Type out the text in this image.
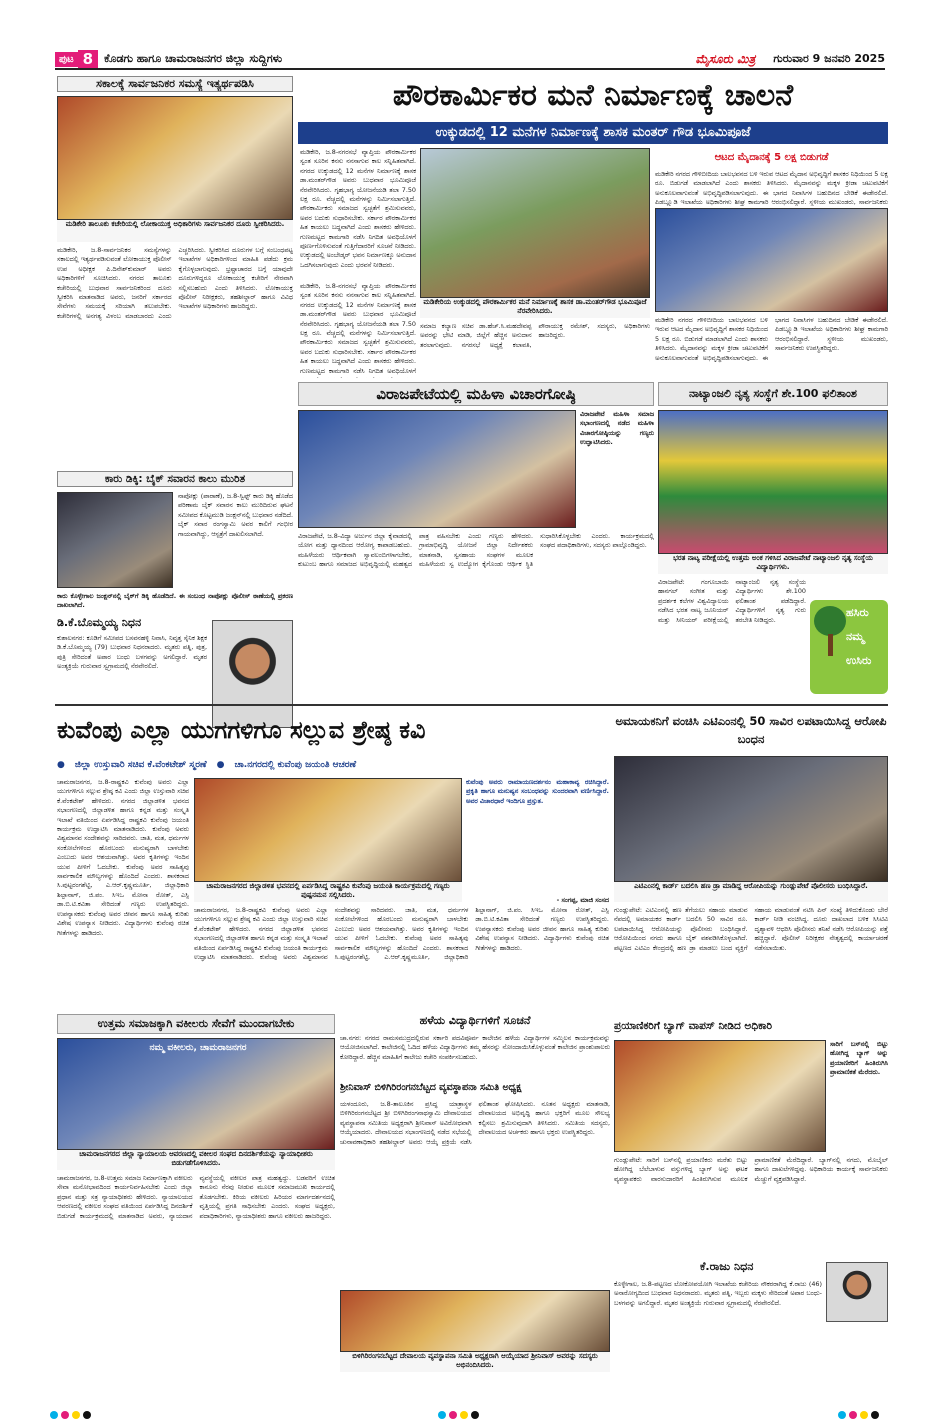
ಪುಟ 8	ಕೊಡಗು ಹಾಗೂ ಚಾಮರಾಜನಗರ ಜಿಲ್ಲಾ ಸುದ್ದಿಗಳು	ಮೈಸೂರು ಮಿತ್ರ ಗುರುವಾರ 9 ಜನವರಿ 2025
ಸಕಾಲಕ್ಕೆ ಸಾರ್ವಜನಿಕರ ಸಮಸ್ಯೆ ಇತ್ಯರ್ಥಪಡಿಸಿ
ಮಡಿಕೇರಿ ತಾಲೂಕು ಕಚೇರಿಯಲ್ಲಿ ಲೋಕಾಯುಕ್ತ ಅಧಿಕಾರಿಗಳು ಸಾರ್ವಜನಿಕರ ದೂರು ಸ್ವೀಕರಿಸಿದರು.
ಮಡಿಕೇರಿ, ಜ.8-ಸಾರ್ವಜನಿಕರ ಸಮಸ್ಯೆಗಳನ್ನು ಸಕಾಲದಲ್ಲಿ ಇತ್ಯರ್ಥಪಡಿಸುವಂತೆ ಲೋಕಾಯುಕ್ತ ಪೊಲೀಸ್ ಉಪ ಅಧೀಕ್ಷಕ ಪಿ.ದಿನೇಶ್‌ಕುಮಾರ್ ಅವರು ಅಧಿಕಾರಿಗಳಿಗೆ ಸೂಚಿಸಿದರು. ನಗರದ ತಾಲೂಕು ಕಚೇರಿಯಲ್ಲಿ ಬುಧವಾರ ಸಾರ್ವಜನಿಕರಿಂದ ದೂರು ಸ್ವೀಕರಿಸಿ ಮಾತನಾಡಿದ ಅವರು, ಜನರಿಗೆ ಸರ್ಕಾರದ ಸೇವೆಗಳು ಸಮಯಕ್ಕೆ ಸರಿಯಾಗಿ ತಲುಪಬೇಕು. ಕಚೇರಿಗಳಲ್ಲಿ ಅನಗತ್ಯ ವಿಳಂಬ ಮಾಡಬಾರದು ಎಂದು ಎಚ್ಚರಿಸಿದರು. ಸ್ವೀಕರಿಸಿದ ದೂರುಗಳ ಬಗ್ಗೆ ಸಂಬಂಧಪಟ್ಟ ಇಲಾಖೆಗಳ ಅಧಿಕಾರಿಗಳಿಂದ ಮಾಹಿತಿ ಪಡೆದು ಕ್ರಮ ಕೈಗೊಳ್ಳಲಾಗುವುದು. ಭ್ರಷ್ಟಾಚಾರದ ಬಗ್ಗೆ ಯಾವುದೇ ದೂರುಗಳಿದ್ದರೂ ಲೋಕಾಯುಕ್ತ ಕಚೇರಿಗೆ ನೇರವಾಗಿ ಸಲ್ಲಿಸಬಹುದು ಎಂದು ತಿಳಿಸಿದರು. ಲೋಕಾಯುಕ್ತ ಪೊಲೀಸ್ ನಿರೀಕ್ಷಕರು, ತಹಶೀಲ್ದಾರ್ ಹಾಗೂ ವಿವಿಧ ಇಲಾಖೆಗಳ ಅಧಿಕಾರಿಗಳು ಹಾಜರಿದ್ದರು.
ಕಾರು ಡಿಕ್ಕಿ: ಬೈಕ್ ಸವಾರನ ಕಾಲು ಮುರಿತ
ನಾಪೋಕ್ಲು (ಪಾರಾಣೆ), ಜ.8-ಸ್ವಿಫ್ಟ್ ಕಾರು ಡಿಕ್ಕಿ ಹೊಡೆದ ಪರಿಣಾಮ ಬೈಕ್ ಸವಾರನ ಕಾಲು ಮುರಿದಿರುವ ಘಟನೆ ಸಮೀಪದ ಕೊಟ್ಟಮುಡಿ ಜಂಕ್ಷನ್‌ನಲ್ಲಿ ಬುಧವಾರ ನಡೆದಿದೆ. ಬೈಕ್ ಸವಾರ ರಂಗಸ್ವಾಮಿ ಅವರ ಕಾಲಿಗೆ ಗಂಭೀರ ಗಾಯವಾಗಿದ್ದು, ಆಸ್ಪತ್ರೆಗೆ ದಾಖಲಿಸಲಾಗಿದೆ.
ಕಾರು ಕೊಳ್ಳೇಗಾಲ ಜಂಕ್ಷನ್‌ನಲ್ಲಿ ಬೈಕ್‌ಗೆ ಡಿಕ್ಕಿ ಹೊಡೆದಿದೆ. ಈ ಸಂಬಂಧ ನಾಪೋಕ್ಲು ಪೊಲೀಸ್ ಠಾಣೆಯಲ್ಲಿ ಪ್ರಕರಣ ದಾಖಲಾಗಿದೆ.
ಡಿ.ಕೆ.ಬೊಮ್ಮಯ್ಯ ನಿಧನ
ಕುಶಾಲನಗರ: ಕೂಡಿಗೆ ಸಮೀಪದ ಬಸವನಹಳ್ಳಿ ನಿವಾಸಿ, ನಿವೃತ್ತ ಸೈನಿಕ ಶಿಕ್ಷಕ ಡಿ.ಕೆ.ಬೊಮ್ಮಯ್ಯ (79) ಬುಧವಾರ ನಿಧನರಾದರು. ಮೃತರು ಪತ್ನಿ, ಪುತ್ರ, ಪುತ್ರಿ ಸೇರಿದಂತೆ ಅಪಾರ ಬಂಧು ಬಳಗವನ್ನು ಅಗಲಿದ್ದಾರೆ. ಮೃತರ ಅಂತ್ಯಕ್ರಿಯೆ ಗುರುವಾರ ಸ್ವಗ್ರಾಮದಲ್ಲಿ ನೆರವೇರಲಿದೆ.
ಪೌರಕಾರ್ಮಿಕರ ಮನೆ ನಿರ್ಮಾಣಕ್ಕೆ ಚಾಲನೆ
ಉಕ್ಕುಡದಲ್ಲಿ 12 ಮನೆಗಳ ನಿರ್ಮಾಣಕ್ಕೆ ಶಾಸಕ ಮಂತರ್ ಗೌಡ ಭೂಮಿಪೂಜೆ
ಮಡಿಕೇರಿ, ಜ.8-ನಗರಸಭೆ ವ್ಯಾಪ್ತಿಯ ಪೌರಕಾರ್ಮಿಕರ ಸ್ವಂತ ಸೂರಿನ ಕನಸು ನನಸಾಗುವ ಕಾಲ ಸನ್ನಿಹಿತವಾಗಿದೆ. ನಗರದ ಉಕ್ಕುಡದಲ್ಲಿ 12 ಮನೆಗಳ ನಿರ್ಮಾಣಕ್ಕೆ ಶಾಸಕ ಡಾ.ಮಂತರ್‌ಗೌಡ ಅವರು ಬುಧವಾರ ಭೂಮಿಪೂಜೆ ನೆರವೇರಿಸಿದರು. ಗೃಹಭಾಗ್ಯ ಯೋಜನೆಯಡಿ ತಲಾ 7.50 ಲಕ್ಷ ರೂ. ವೆಚ್ಚದಲ್ಲಿ ಮನೆಗಳನ್ನು ನಿರ್ಮಿಸಲಾಗುತ್ತಿದೆ. ಪೌರಕಾರ್ಮಿಕರು ಸಮಾಜದ ಸ್ವಚ್ಛತೆಗೆ ಶ್ರಮಿಸುವವರು, ಅವರ ಬದುಕು ಸುಧಾರಿಸಬೇಕು. ಸರ್ಕಾರ ಪೌರಕಾರ್ಮಿಕರ ಹಿತ ಕಾಯಲು ಬದ್ಧವಾಗಿದೆ ಎಂದು ಶಾಸಕರು ಹೇಳಿದರು. ಗುಣಮಟ್ಟದ ಕಾಮಗಾರಿ ನಡೆಸಿ ನಿಗದಿತ ಅವಧಿಯೊಳಗೆ ಪೂರ್ಣಗೊಳಿಸುವಂತೆ ಗುತ್ತಿಗೆದಾರರಿಗೆ ಸೂಚನೆ ನೀಡಿದರು. ಉಕ್ಕುಡದಲ್ಲಿ ಅಂಬೇಡ್ಕರ್ ಭವನ ನಿರ್ಮಾಣಕ್ಕೂ ಅನುದಾನ ಒದಗಿಸಲಾಗುವುದು ಎಂದು ಭರವಸೆ ನೀಡಿದರು.
ಮಡಿಕೇರಿಯ ಉಕ್ಕುಡದಲ್ಲಿ ಪೌರಕಾರ್ಮಿಕರ ಮನೆ ನಿರ್ಮಾಣಕ್ಕೆ ಶಾಸಕ ಡಾ.ಮಂತರ್‌ಗೌಡ ಭೂಮಿಪೂಜೆ ನೆರವೇರಿಸಿದರು.
ಮಡಿಕೇರಿ, ಜ.8-ನಗರಸಭೆ ವ್ಯಾಪ್ತಿಯ ಪೌರಕಾರ್ಮಿಕರ ಸ್ವಂತ ಸೂರಿನ ಕನಸು ನನಸಾಗುವ ಕಾಲ ಸನ್ನಿಹಿತವಾಗಿದೆ. ನಗರದ ಉಕ್ಕುಡದಲ್ಲಿ 12 ಮನೆಗಳ ನಿರ್ಮಾಣಕ್ಕೆ ಶಾಸಕ ಡಾ.ಮಂತರ್‌ಗೌಡ ಅವರು ಬುಧವಾರ ಭೂಮಿಪೂಜೆ ನೆರವೇರಿಸಿದರು. ಗೃಹಭಾಗ್ಯ ಯೋಜನೆಯಡಿ ತಲಾ 7.50 ಲಕ್ಷ ರೂ. ವೆಚ್ಚದಲ್ಲಿ ಮನೆಗಳನ್ನು ನಿರ್ಮಿಸಲಾಗುತ್ತಿದೆ. ಪೌರಕಾರ್ಮಿಕರು ಸಮಾಜದ ಸ್ವಚ್ಛತೆಗೆ ಶ್ರಮಿಸುವವರು, ಅವರ ಬದುಕು ಸುಧಾರಿಸಬೇಕು. ಸರ್ಕಾರ ಪೌರಕಾರ್ಮಿಕರ ಹಿತ ಕಾಯಲು ಬದ್ಧವಾಗಿದೆ ಎಂದು ಶಾಸಕರು ಹೇಳಿದರು. ಗುಣಮಟ್ಟದ ಕಾಮಗಾರಿ ನಡೆಸಿ ನಿಗದಿತ ಅವಧಿಯೊಳಗೆ
ಸಮಾಜ ಕಲ್ಯಾಣ ಸಚಿವ ಡಾ.ಹೆಚ್.ಸಿ.ಮಹದೇವಪ್ಪ ಅವರನ್ನು ಭೇಟಿ ಮಾಡಿ, ಜಿಲ್ಲೆಗೆ ಹೆಚ್ಚಿನ ಅನುದಾನ ತರಲಾಗುವುದು. ನಗರಸಭೆ ಅಧ್ಯಕ್ಷೆ ಕಲಾವತಿ, ಪೌರಾಯುಕ್ತ ರಮೇಶ್, ಸದಸ್ಯರು, ಅಧಿಕಾರಿಗಳು ಹಾಜರಿದ್ದರು.
ಆಟದ ಮೈದಾನಕ್ಕೆ 5 ಲಕ್ಷ ಬಿಡುಗಡೆ
ಮಡಿಕೇರಿ ನಗರದ ಗೌಳಿಬೀದಿಯ ಬಾಲಭವನದ ಬಳಿ ಇರುವ ಆಟದ ಮೈದಾನ ಅಭಿವೃದ್ಧಿಗೆ ಶಾಸಕರ ನಿಧಿಯಿಂದ 5 ಲಕ್ಷ ರೂ. ಬಿಡುಗಡೆ ಮಾಡಲಾಗಿದೆ ಎಂದು ಶಾಸಕರು ತಿಳಿಸಿದರು. ಮೈದಾನವನ್ನು ಮಕ್ಕಳ ಕ್ರೀಡಾ ಚಟುವಟಿಕೆಗೆ ಅನುಕೂಲವಾಗುವಂತೆ ಅಭಿವೃದ್ಧಿಪಡಿಸಲಾಗುವುದು. ಈ ಭಾಗದ ನಿವಾಸಿಗಳ ಬಹುದಿನದ ಬೇಡಿಕೆ ಈಡೇರಲಿದೆ. ಪಿಡಬ್ಲ್ಯೂಡಿ ಇಲಾಖೆಯ ಅಧಿಕಾರಿಗಳು ಶೀಘ್ರ ಕಾಮಗಾರಿ ಆರಂಭಿಸಲಿದ್ದಾರೆ. ಸ್ಥಳೀಯ ಮುಖಂಡರು, ಸಾರ್ವಜನಿಕರು
ಮಡಿಕೇರಿ ನಗರದ ಗೌಳಿಬೀದಿಯ ಬಾಲಭವನದ ಬಳಿ ಇರುವ ಆಟದ ಮೈದಾನ ಅಭಿವೃದ್ಧಿಗೆ ಶಾಸಕರ ನಿಧಿಯಿಂದ 5 ಲಕ್ಷ ರೂ. ಬಿಡುಗಡೆ ಮಾಡಲಾಗಿದೆ ಎಂದು ಶಾಸಕರು ತಿಳಿಸಿದರು. ಮೈದಾನವನ್ನು ಮಕ್ಕಳ ಕ್ರೀಡಾ ಚಟುವಟಿಕೆಗೆ ಅನುಕೂಲವಾಗುವಂತೆ ಅಭಿವೃದ್ಧಿಪಡಿಸಲಾಗುವುದು. ಈ ಭಾಗದ ನಿವಾಸಿಗಳ ಬಹುದಿನದ ಬೇಡಿಕೆ ಈಡೇರಲಿದೆ. ಪಿಡಬ್ಲ್ಯೂಡಿ ಇಲಾಖೆಯ ಅಧಿಕಾರಿಗಳು ಶೀಘ್ರ ಕಾಮಗಾರಿ ಆರಂಭಿಸಲಿದ್ದಾರೆ. ಸ್ಥಳೀಯ ಮುಖಂಡರು, ಸಾರ್ವಜನಿಕರು ಉಪಸ್ಥಿತರಿದ್ದರು.
ವಿರಾಜಪೇಟೆಯಲ್ಲಿ ಮಹಿಳಾ ವಿಚಾರಗೋಷ್ಠಿ
ವಿರಾಜಪೇಟೆ ಮಹಿಳಾ ಸಮಾಜ ಸಭಾಂಗಣದಲ್ಲಿ ನಡೆದ ಮಹಿಳಾ ವಿಚಾರಗೋಷ್ಠಿಯನ್ನು ಗಣ್ಯರು ಉದ್ಘಾಟಿಸಿದರು.
ವಿರಾಜಪೇಟೆ, ಜ.8-ವಿದ್ಯಾ ಅರ್ಜುನ ಜಿಲ್ಲಾ ಕೈವಾಡದಲ್ಲಿ ಯೋಗ ಮತ್ತು ಧ್ಯಾನದಿಂದ ಆರೋಗ್ಯ ಕಾಪಾಡಬಹುದು. ಮಹಿಳೆಯರು ಆರ್ಥಿಕವಾಗಿ ಸ್ವಾವಲಂಬಿಗಳಾಗಬೇಕು, ಕುಟುಂಬ ಹಾಗೂ ಸಮಾಜದ ಅಭಿವೃದ್ಧಿಯಲ್ಲಿ ಮಹತ್ವದ ಪಾತ್ರ ವಹಿಸಬೇಕು ಎಂದು ಗಣ್ಯರು ಹೇಳಿದರು. ಗ್ರಾಮಾಭಿವೃದ್ಧಿ ಯೋಜನೆ ಜಿಲ್ಲಾ ನಿರ್ದೇಶಕರು ಮಾತನಾಡಿ, ಸ್ವಸಹಾಯ ಸಂಘಗಳ ಮೂಲಕ ಮಹಿಳೆಯರು ಸ್ವ ಉದ್ಯೋಗ ಕೈಗೊಂಡು ಆರ್ಥಿಕ ಸ್ಥಿತಿ ಸುಧಾರಿಸಿಕೊಳ್ಳಬೇಕು ಎಂದರು. ಕಾರ್ಯಕ್ರಮದಲ್ಲಿ ಸಂಘದ ಪದಾಧಿಕಾರಿಗಳು, ಸದಸ್ಯರು ಪಾಲ್ಗೊಂಡಿದ್ದರು.
ನಾಟ್ಯಾಂಜಲಿ ನೃತ್ಯ ಸಂಸ್ಥೆಗೆ ಶೇ.100 ಫಲಿತಾಂಶ
ಭರತ ನಾಟ್ಯ ಪರೀಕ್ಷೆಯಲ್ಲಿ ಉತ್ತಮ ಅಂಕ ಗಳಿಸಿದ ವಿರಾಜಪೇಟೆ ನಾಟ್ಯಾಂಜಲಿ ನೃತ್ಯ ಸಂಸ್ಥೆಯ ವಿದ್ಯಾರ್ಥಿಗಳು.
ವಿರಾಜಪೇಟೆ: ಗಂಗೂಬಾಯಿ ಹಾನಗಲ್ ಸಂಗೀತ ಮತ್ತು ಪ್ರದರ್ಶಕ ಕಲೆಗಳ ವಿಶ್ವವಿದ್ಯಾಲಯ ನಡೆಸಿದ ಭರತ ನಾಟ್ಯ ಜೂನಿಯರ್ ಮತ್ತು ಸೀನಿಯರ್ ಪರೀಕ್ಷೆಯಲ್ಲಿ ನಾಟ್ಯಾಂಜಲಿ ನೃತ್ಯ ಸಂಸ್ಥೆಯ ವಿದ್ಯಾರ್ಥಿಗಳು ಶೇ.100 ಫಲಿತಾಂಶ ಪಡೆದಿದ್ದಾರೆ. ವಿದ್ಯಾರ್ಥಿಗಳಿಗೆ ನೃತ್ಯ ಗುರು ತರಬೇತಿ ನೀಡಿದ್ದರು.
ಹಸಿರು
ನಮ್ಮ
ಉಸಿರು
ಕುವೆಂಪು ಎಲ್ಲಾ ಯುಗಗಳಿಗೂ ಸಲ್ಲುವ ಶ್ರೇಷ್ಠ ಕವಿ
● ಜಿಲ್ಲಾ ಉಸ್ತುವಾರಿ ಸಚಿವ ಕೆ.ವೆಂಕಟೇಶ್ ಸ್ಮರಣೆ ● ಚಾ.ನಗರದಲ್ಲಿ ಕುವೆಂಪು ಜಯಂತಿ ಆಚರಣೆ
ಚಾಮರಾಜನಗರ, ಜ.8-ರಾಷ್ಟ್ರಕವಿ ಕುವೆಂಪು ಅವರು ಎಲ್ಲಾ ಯುಗಗಳಿಗೂ ಸಲ್ಲುವ ಶ್ರೇಷ್ಠ ಕವಿ ಎಂದು ಜಿಲ್ಲಾ ಉಸ್ತುವಾರಿ ಸಚಿವ ಕೆ.ವೆಂಕಟೇಶ್ ಹೇಳಿದರು. ನಗರದ ಜಿಲ್ಲಾಡಳಿತ ಭವನದ ಸಭಾಂಗಣದಲ್ಲಿ ಜಿಲ್ಲಾಡಳಿತ ಹಾಗೂ ಕನ್ನಡ ಮತ್ತು ಸಂಸ್ಕೃತಿ ಇಲಾಖೆ ವತಿಯಿಂದ ಏರ್ಪಡಿಸಿದ್ದ ರಾಷ್ಟ್ರಕವಿ ಕುವೆಂಪು ಜಯಂತಿ ಕಾರ್ಯಕ್ರಮ ಉದ್ಘಾಟಿಸಿ ಮಾತನಾಡಿದರು. ಕುವೆಂಪು ಅವರು ವಿಶ್ವಮಾನವ ಸಂದೇಶವನ್ನು ಸಾರಿದವರು. ಜಾತಿ, ಮತ, ಧರ್ಮಗಳ ಸಂಕೋಲೆಗಳಿಂದ ಹೊರಬಂದು ಮನುಷ್ಯರಾಗಿ ಬಾಳಬೇಕು ಎಂಬುದು ಅವರ ಆಶಯವಾಗಿತ್ತು. ಅವರ ಕೃತಿಗಳನ್ನು ಇಂದಿನ ಯುವ ಪೀಳಿಗೆ ಓದಬೇಕು. ಕುವೆಂಪು ಅವರ ಸಾಹಿತ್ಯವು ಸಾರ್ವಕಾಲಿಕ ಮೌಲ್ಯಗಳನ್ನು ಹೊಂದಿದೆ ಎಂದರು. ಶಾಸಕರಾದ ಸಿ.ಪುಟ್ಟರಂಗಶೆಟ್ಟಿ, ಎ.ಆರ್.ಕೃಷ್ಣಮೂರ್ತಿ, ಜಿಲ್ಲಾಧಿಕಾರಿ ಶಿಲ್ಪಾನಾಗ್, ಜಿ.ಪಂ. ಸಿಇಒ ಮೋನಾ ರೋತ್, ಎಸ್ಪಿ ಡಾ.ಬಿ.ಟಿ.ಕವಿತಾ ಸೇರಿದಂತೆ ಗಣ್ಯರು ಉಪಸ್ಥಿತರಿದ್ದರು. ಉಪನ್ಯಾಸಕರು ಕುವೆಂಪು ಅವರ ಜೀವನ ಹಾಗೂ ಸಾಹಿತ್ಯ ಕುರಿತು ವಿಶೇಷ ಉಪನ್ಯಾಸ ನೀಡಿದರು. ವಿದ್ಯಾರ್ಥಿಗಳು ಕುವೆಂಪು ರಚಿತ ಗೀತೆಗಳನ್ನು ಹಾಡಿದರು.
ಚಾಮರಾಜನಗರದ ಜಿಲ್ಲಾಡಳಿತ ಭವನದಲ್ಲಿ ಏರ್ಪಡಿಸಿದ್ದ ರಾಷ್ಟ್ರಕವಿ ಕುವೆಂಪು ಜಯಂತಿ ಕಾರ್ಯಕ್ರಮದಲ್ಲಿ ಗಣ್ಯರು ಪುಷ್ಪನಮನ ಸಲ್ಲಿಸಿದರು.
ಕುವೆಂಪು ಅವರು ರಾಮಾಯಣದರ್ಶನಂ ಮಹಾಕಾವ್ಯ ರಚಿಸಿದ್ದಾರೆ. ಪ್ರಕೃತಿ ಹಾಗೂ ಮನುಷ್ಯನ ಸಂಬಂಧವನ್ನು ಸುಂದರವಾಗಿ ವರ್ಣಿಸಿದ್ದಾರೆ. ಅವರ ವಿಚಾರಧಾರೆ ಇಂದಿಗೂ ಪ್ರಸ್ತುತ.
- ಸಂಗಪ್ಪ, ಮಾಜಿ ಸಂಸದ
ಚಾಮರಾಜನಗರ, ಜ.8-ರಾಷ್ಟ್ರಕವಿ ಕುವೆಂಪು ಅವರು ಎಲ್ಲಾ ಯುಗಗಳಿಗೂ ಸಲ್ಲುವ ಶ್ರೇಷ್ಠ ಕವಿ ಎಂದು ಜಿಲ್ಲಾ ಉಸ್ತುವಾರಿ ಸಚಿವ ಕೆ.ವೆಂಕಟೇಶ್ ಹೇಳಿದರು. ನಗರದ ಜಿಲ್ಲಾಡಳಿತ ಭವನದ ಸಭಾಂಗಣದಲ್ಲಿ ಜಿಲ್ಲಾಡಳಿತ ಹಾಗೂ ಕನ್ನಡ ಮತ್ತು ಸಂಸ್ಕೃತಿ ಇಲಾಖೆ ವತಿಯಿಂದ ಏರ್ಪಡಿಸಿದ್ದ ರಾಷ್ಟ್ರಕವಿ ಕುವೆಂಪು ಜಯಂತಿ ಕಾರ್ಯಕ್ರಮ ಉದ್ಘಾಟಿಸಿ ಮಾತನಾಡಿದರು. ಕುವೆಂಪು ಅವರು ವಿಶ್ವಮಾನವ ಸಂದೇಶವನ್ನು ಸಾರಿದವರು. ಜಾತಿ, ಮತ, ಧರ್ಮಗಳ ಸಂಕೋಲೆಗಳಿಂದ ಹೊರಬಂದು ಮನುಷ್ಯರಾಗಿ ಬಾಳಬೇಕು ಎಂಬುದು ಅವರ ಆಶಯವಾಗಿತ್ತು. ಅವರ ಕೃತಿಗಳನ್ನು ಇಂದಿನ ಯುವ ಪೀಳಿಗೆ ಓದಬೇಕು. ಕುವೆಂಪು ಅವರ ಸಾಹಿತ್ಯವು ಸಾರ್ವಕಾಲಿಕ ಮೌಲ್ಯಗಳನ್ನು ಹೊಂದಿದೆ ಎಂದರು. ಶಾಸಕರಾದ ಸಿ.ಪುಟ್ಟರಂಗಶೆಟ್ಟಿ, ಎ.ಆರ್.ಕೃಷ್ಣಮೂರ್ತಿ, ಜಿಲ್ಲಾಧಿಕಾರಿ ಶಿಲ್ಪಾನಾಗ್, ಜಿ.ಪಂ. ಸಿಇಒ ಮೋನಾ ರೋತ್, ಎಸ್ಪಿ ಡಾ.ಬಿ.ಟಿ.ಕವಿತಾ ಸೇರಿದಂತೆ ಗಣ್ಯರು ಉಪಸ್ಥಿತರಿದ್ದರು. ಉಪನ್ಯಾಸಕರು ಕುವೆಂಪು ಅವರ ಜೀವನ ಹಾಗೂ ಸಾಹಿತ್ಯ ಕುರಿತು ವಿಶೇಷ ಉಪನ್ಯಾಸ ನೀಡಿದರು. ವಿದ್ಯಾರ್ಥಿಗಳು ಕುವೆಂಪು ರಚಿತ ಗೀತೆಗಳನ್ನು ಹಾಡಿದರು.
ಉತ್ತಮ ಸಮಾಜಕ್ಕಾಗಿ ವಕೀಲರು ಸೇವೆಗೆ ಮುಂದಾಗಬೇಕು
ನಮ್ಮ ವಕೀಲರು, ಚಾಮರಾಜನಗರ
ಚಾಮರಾಜನಗರದ ಜಿಲ್ಲಾ ನ್ಯಾಯಾಲಯ ಆವರಣದಲ್ಲಿ ವಕೀಲರ ಸಂಘದ ದಿನದರ್ಶಿಕೆಯನ್ನು ನ್ಯಾಯಾಧೀಶರು ಬಿಡುಗಡೆಗೊಳಿಸಿದರು.
ಚಾಮರಾಜನಗರ, ಜ.8-ಉತ್ತಮ ಸಮಾಜ ನಿರ್ಮಾಣಕ್ಕಾಗಿ ವಕೀಲರು ಸೇವಾ ಮನೋಭಾವದಿಂದ ಕಾರ್ಯನಿರ್ವಹಿಸಬೇಕು ಎಂದು ಜಿಲ್ಲಾ ಪ್ರಧಾನ ಮತ್ತು ಸತ್ರ ನ್ಯಾಯಾಧೀಶರು ಹೇಳಿದರು. ನ್ಯಾಯಾಲಯದ ಆವರಣದಲ್ಲಿ ವಕೀಲರ ಸಂಘದ ವತಿಯಿಂದ ಏರ್ಪಡಿಸಿದ್ದ ದಿನದರ್ಶಿಕೆ ಬಿಡುಗಡೆ ಕಾರ್ಯಕ್ರಮದಲ್ಲಿ ಮಾತನಾಡಿದ ಅವರು, ನ್ಯಾಯದಾನ ವ್ಯವಸ್ಥೆಯಲ್ಲಿ ವಕೀಲರ ಪಾತ್ರ ಮಹತ್ವದ್ದು. ಬಡವರಿಗೆ ಉಚಿತ ಕಾನೂನು ನೆರವು ನೀಡುವ ಮೂಲಕ ಸಮಾಜಮುಖಿ ಕಾರ್ಯದಲ್ಲಿ ತೊಡಗಬೇಕು. ಕಿರಿಯ ವಕೀಲರು ಹಿರಿಯರ ಮಾರ್ಗದರ್ಶನದಲ್ಲಿ ವೃತ್ತಿಯಲ್ಲಿ ಪ್ರಗತಿ ಸಾಧಿಸಬೇಕು ಎಂದರು. ಸಂಘದ ಅಧ್ಯಕ್ಷರು, ಪದಾಧಿಕಾರಿಗಳು, ನ್ಯಾಯಾಧೀಶರು ಹಾಗೂ ವಕೀಲರು ಹಾಜರಿದ್ದರು.
ಹಳೆಯ ವಿದ್ಯಾರ್ಥಿಗಳಿಗೆ ಸೂಚನೆ
ಚಾ.ನಗರ: ನಗರದ ರಾಮಸಮುದ್ರದಲ್ಲಿರುವ ಸರ್ಕಾರಿ ಪದವಿಪೂರ್ವ ಕಾಲೇಜಿನ ಹಳೆಯ ವಿದ್ಯಾರ್ಥಿಗಳ ಸಮ್ಮಿಲನ ಕಾರ್ಯಕ್ರಮವನ್ನು ಆಯೋಜಿಸಲಾಗಿದೆ. ಕಾಲೇಜಿನಲ್ಲಿ ಓದಿದ ಹಳೆಯ ವಿದ್ಯಾರ್ಥಿಗಳು ತಮ್ಮ ಹೆಸರನ್ನು ನೋಂದಾಯಿಸಿಕೊಳ್ಳುವಂತೆ ಕಾಲೇಜಿನ ಪ್ರಾಂಶುಪಾಲರು ಕೋರಿದ್ದಾರೆ. ಹೆಚ್ಚಿನ ಮಾಹಿತಿಗೆ ಕಾಲೇಜು ಕಚೇರಿ ಸಂಪರ್ಕಿಸಬಹುದು.
ಶ್ರೀನಿವಾಸ್ ಬಿಳಿಗಿರಿರಂಗನಬೆಟ್ಟದ ವ್ಯವಸ್ಥಾಪನಾ ಸಮಿತಿ ಅಧ್ಯಕ್ಷ
ಯಳಂದೂರು, ಜ.8-ತಾಲೂಕಿನ ಪ್ರಸಿದ್ಧ ಯಾತ್ರಾಸ್ಥಳ ಬಿಳಿಗಿರಿರಂಗನಬೆಟ್ಟದ ಶ್ರೀ ಬಿಳಿಗಿರಿರಂಗನಾಥಸ್ವಾಮಿ ದೇವಾಲಯದ ವ್ಯವಸ್ಥಾಪನಾ ಸಮಿತಿಯ ಅಧ್ಯಕ್ಷರಾಗಿ ಶ್ರೀನಿವಾಸ್ ಅವಿರೋಧವಾಗಿ ಆಯ್ಕೆಯಾದರು. ದೇವಾಲಯದ ಸಭಾಂಗಣದಲ್ಲಿ ನಡೆದ ಸಭೆಯಲ್ಲಿ ಚುನಾವಣಾಧಿಕಾರಿ ತಹಶೀಲ್ದಾರ್ ಅವರು ಆಯ್ಕೆ ಪ್ರಕ್ರಿಯೆ ನಡೆಸಿ ಫಲಿತಾಂಶ ಘೋಷಿಸಿದರು. ನೂತನ ಅಧ್ಯಕ್ಷರು ಮಾತನಾಡಿ, ದೇವಾಲಯದ ಅಭಿವೃದ್ಧಿ ಹಾಗೂ ಭಕ್ತರಿಗೆ ಮೂಲ ಸೌಲಭ್ಯ ಕಲ್ಪಿಸಲು ಶ್ರಮಿಸುವುದಾಗಿ ತಿಳಿಸಿದರು. ಸಮಿತಿಯ ಸದಸ್ಯರು, ದೇವಾಲಯದ ಅರ್ಚಕರು ಹಾಗೂ ಭಕ್ತರು ಉಪಸ್ಥಿತರಿದ್ದರು.
ಬಿಳಿಗಿರಿರಂಗನಬೆಟ್ಟದ ದೇವಾಲಯ ವ್ಯವಸ್ಥಾಪನಾ ಸಮಿತಿ ಅಧ್ಯಕ್ಷರಾಗಿ ಆಯ್ಕೆಯಾದ ಶ್ರೀನಿವಾಸ್ ಅವರನ್ನು ಸದಸ್ಯರು ಅಭಿನಂದಿಸಿದರು.
ಅಮಾಯಕನಿಗೆ ವಂಚಿಸಿ ಎಟಿಎಂನಲ್ಲಿ 50 ಸಾವಿರ ಲಪಟಾಯಿಸಿದ್ದ ಆರೋಪಿ ಬಂಧನ
ಎಟಿಎಂನಲ್ಲಿ ಕಾರ್ಡ್ ಬದಲಿಸಿ ಹಣ ಡ್ರಾ ಮಾಡಿದ್ದ ಆರೋಪಿಯನ್ನು ಗುಂಡ್ಲುಪೇಟೆ ಪೊಲೀಸರು ಬಂಧಿಸಿದ್ದಾರೆ.
ಗುಂಡ್ಲುಪೇಟೆ: ಎಟಿಎಂನಲ್ಲಿ ಹಣ ತೆಗೆಯಲು ಸಹಾಯ ಮಾಡುವ ನೆಪದಲ್ಲಿ ಅಮಾಯಕರ ಕಾರ್ಡ್ ಬದಲಿಸಿ 50 ಸಾವಿರ ರೂ. ಲಪಟಾಯಿಸಿದ್ದ ಆರೋಪಿಯನ್ನು ಪೊಲೀಸರು ಬಂಧಿಸಿದ್ದಾರೆ. ಆರೋಪಿಯಿಂದ ನಗದು ಹಾಗೂ ಬೈಕ್ ವಶಪಡಿಸಿಕೊಳ್ಳಲಾಗಿದೆ. ಪಟ್ಟಣದ ಎಟಿಎಂ ಕೇಂದ್ರದಲ್ಲಿ ಹಣ ಡ್ರಾ ಮಾಡಲು ಬಂದ ವ್ಯಕ್ತಿಗೆ ಸಹಾಯ ಮಾಡುವಂತೆ ನಟಿಸಿ ಪಿನ್ ಸಂಖ್ಯೆ ತಿಳಿದುಕೊಂಡು ಬೇರೆ ಕಾರ್ಡ್ ನೀಡಿ ವಂಚಿಸಿದ್ದ. ದೂರು ದಾಖಲಾದ ಬಳಿಕ ಸಿಸಿಟಿವಿ ದೃಶ್ಯಾವಳಿ ಆಧರಿಸಿ ಪೊಲೀಸರು ತನಿಖೆ ನಡೆಸಿ ಆರೋಪಿಯನ್ನು ಪತ್ತೆ ಹಚ್ಚಿದ್ದಾರೆ. ಪೊಲೀಸ್ ನಿರೀಕ್ಷಕರ ನೇತೃತ್ವದಲ್ಲಿ ಕಾರ್ಯಾಚರಣೆ ನಡೆಸಲಾಯಿತು.
ಪ್ರಯಾಣಿಕರಿಗೆ ಬ್ಯಾಗ್ ವಾಪಸ್ ನೀಡಿದ ಅಧಿಕಾರಿ
ಸಾರಿಗೆ ಬಸ್‌ನಲ್ಲಿ ಬಿಟ್ಟು ಹೋಗಿದ್ದ ಬ್ಯಾಗ್ ಅನ್ನು ಪ್ರಯಾಣಿಕರಿಗೆ ಹಿಂತಿರುಗಿಸಿ ಪ್ರಾಮಾಣಿಕತೆ ಮೆರೆದರು.
ಗುಂಡ್ಲುಪೇಟೆ: ಸಾರಿಗೆ ಬಸ್‌ನಲ್ಲಿ ಪ್ರಯಾಣಿಕರು ಮರೆತು ಬಿಟ್ಟು ಹೋಗಿದ್ದ ಬೆಲೆಬಾಳುವ ವಸ್ತುಗಳಿದ್ದ ಬ್ಯಾಗ್ ಅನ್ನು ಘಟಕ ವ್ಯವಸ್ಥಾಪಕರು ವಾರಸುದಾರರಿಗೆ ಹಿಂತಿರುಗಿಸುವ ಮೂಲಕ ಪ್ರಾಮಾಣಿಕತೆ ಮೆರೆದಿದ್ದಾರೆ. ಬ್ಯಾಗ್‌ನಲ್ಲಿ ನಗದು, ಮೊಬೈಲ್ ಹಾಗೂ ದಾಖಲೆಗಳಿದ್ದವು. ಅಧಿಕಾರಿಯ ಕಾರ್ಯಕ್ಕೆ ಸಾರ್ವಜನಿಕರು ಮೆಚ್ಚುಗೆ ವ್ಯಕ್ತಪಡಿಸಿದ್ದಾರೆ.
ಕೆ.ರಾಜು ನಿಧನ
ಕೊಳ್ಳೇಗಾಲ, ಜ.8-ಪಟ್ಟಣದ ಲೋಕೋಪಯೋಗಿ ಇಲಾಖೆಯ ಕಚೇರಿಯ ನೌಕರರಾಗಿದ್ದ ಕೆ.ರಾಜು (46) ಅನಾರೋಗ್ಯದಿಂದ ಬುಧವಾರ ನಿಧನರಾದರು. ಮೃತರು ಪತ್ನಿ, ಇಬ್ಬರು ಮಕ್ಕಳು ಸೇರಿದಂತೆ ಅಪಾರ ಬಂಧು-ಬಳಗವನ್ನು ಅಗಲಿದ್ದಾರೆ. ಮೃತರ ಅಂತ್ಯಕ್ರಿಯೆ ಗುರುವಾರ ಸ್ವಗ್ರಾಮದಲ್ಲಿ ನೆರವೇರಲಿದೆ.
